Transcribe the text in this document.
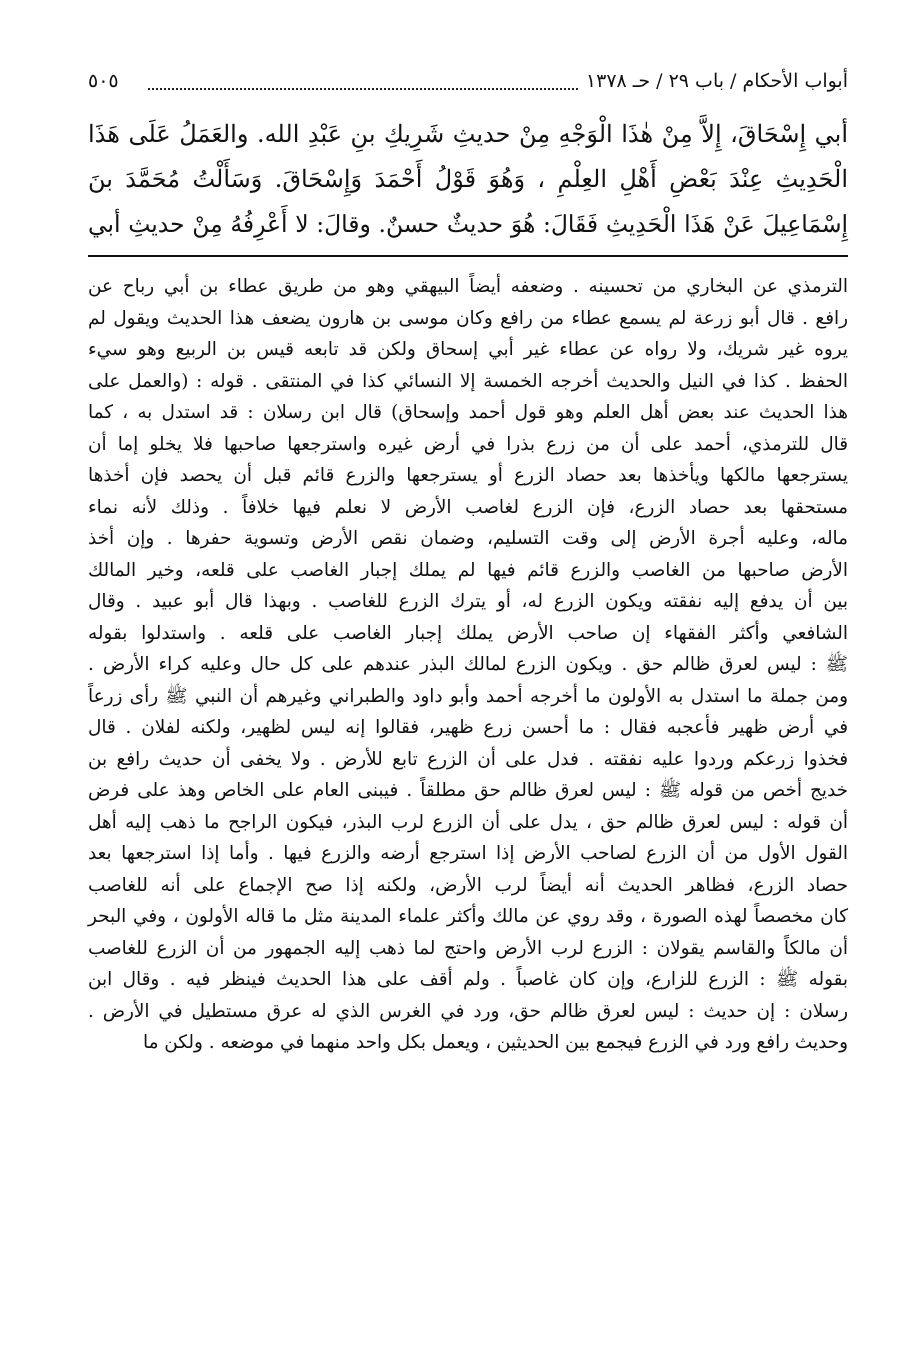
أبواب الأحكام / باب ٢٩ / حـ ١٣٧٨
٥٠٥
أبي إِسْحَاقَ، إِلاَّ مِنْ هٰذَا الْوَجْهِ مِنْ حديثِ شَرِيكِ بنِ عَبْدِ الله. والعَمَلُ عَلَى هَذَا
الْحَدِيثِ عِنْدَ بَعْضِ أَهْلِ العِلْمِ ، وَهُوَ قَوْلُ أَحْمَدَ وَإِسْحَاقَ. وَسَأَلْتُ مُحَمَّدَ بنَ
إِسْمَاعِيلَ عَنْ هَذَا الْحَدِيثِ فَقَالَ: هُوَ حديثٌ حسنٌ. وقالَ: لا أَعْرِفُهُ مِنْ حديثِ أبي
الترمذي عن البخاري من تحسينه . وضعفه أيضاً البيهقي وهو من طريق عطاء بن أبي رباح عن
رافع . قال أبو زرعة لم يسمع عطاء من رافع وكان موسى بن هارون يضعف هذا الحديث ويقول لم
يروه غير شريك، ولا رواه عن عطاء غير أبي إسحاق ولكن قد تابعه قيس بن الربيع وهو سيء
الحفظ . كذا في النيل والحديث أخرجه الخمسة إلا النسائي كذا في المنتقى . قوله : (والعمل على
هذا الحديث عند بعض أهل العلم وهو قول أحمد وإسحاق) قال ابن رسلان : قد استدل به ، كما
قال للترمذي، أحمد على أن من زرع بذرا في أرض غيره واسترجعها صاحبها فلا يخلو إما أن
يسترجعها مالكها ويأخذها بعد حصاد الزرع أو يسترجعها والزرع قائم قبل أن يحصد فإن أخذها
مستحقها بعد حصاد الزرع، فإن الزرع لغاصب الأرض لا نعلم فيها خلافاً . وذلك لأنه نماء
ماله، وعليه أجرة الأرض إلى وقت التسليم، وضمان نقص الأرض وتسوية حفرها . وإن أخذ
الأرض صاحبها من الغاصب والزرع قائم فيها لم يملك إجبار الغاصب على قلعه، وخير المالك
بين أن يدفع إليه نفقته ويكون الزرع له، أو يترك الزرع للغاصب . وبهذا قال أبو عبيد . وقال
الشافعي وأكثر الفقهاء إن صاحب الأرض يملك إجبار الغاصب على قلعه . واستدلوا بقوله
ﷺ : ليس لعرق ظالم حق . ويكون الزرع لمالك البذر عندهم على كل حال وعليه كراء الأرض .
ومن جملة ما استدل به الأولون ما أخرجه أحمد وأبو داود والطبراني وغيرهم أن النبي ﷺ رأى زرعاً
في أرض ظهير فأعجبه فقال : ما أحسن زرع ظهير، فقالوا إنه ليس لظهير، ولكنه لفلان . قال
فخذوا زرعكم وردوا عليه نفقته . فدل على أن الزرع تابع للأرض . ولا يخفى أن حديث رافع بن
خديج أخص من قوله ﷺ : ليس لعرق ظالم حق مطلقاً . فيبنى العام على الخاص وهذ على فرض
أن قوله : ليس لعرق ظالم حق ، يدل على أن الزرع لرب البذر، فيكون الراجح ما ذهب إليه أهل
القول الأول من أن الزرع لصاحب الأرض إذا استرجع أرضه والزرع فيها . وأما إذا استرجعها بعد
حصاد الزرع، فظاهر الحديث أنه أيضاً لرب الأرض، ولكنه إذا صح الإجماع على أنه للغاصب
كان مخصصاً لهذه الصورة ، وقد روي عن مالك وأكثر علماء المدينة مثل ما قاله الأولون ، وفي البحر
أن مالكاً والقاسم يقولان : الزرع لرب الأرض واحتج لما ذهب إليه الجمهور من أن الزرع للغاصب
بقوله ﷺ : الزرع للزارع، وإن كان غاصباً . ولم أقف على هذا الحديث فينظر فيه . وقال ابن
رسلان : إن حديث : ليس لعرق ظالم حق، ورد في الغرس الذي له عرق مستطيل في الأرض .
وحديث رافع ورد في الزرع فيجمع بين الحديثين ، ويعمل بكل واحد منهما في موضعه . ولكن ما
